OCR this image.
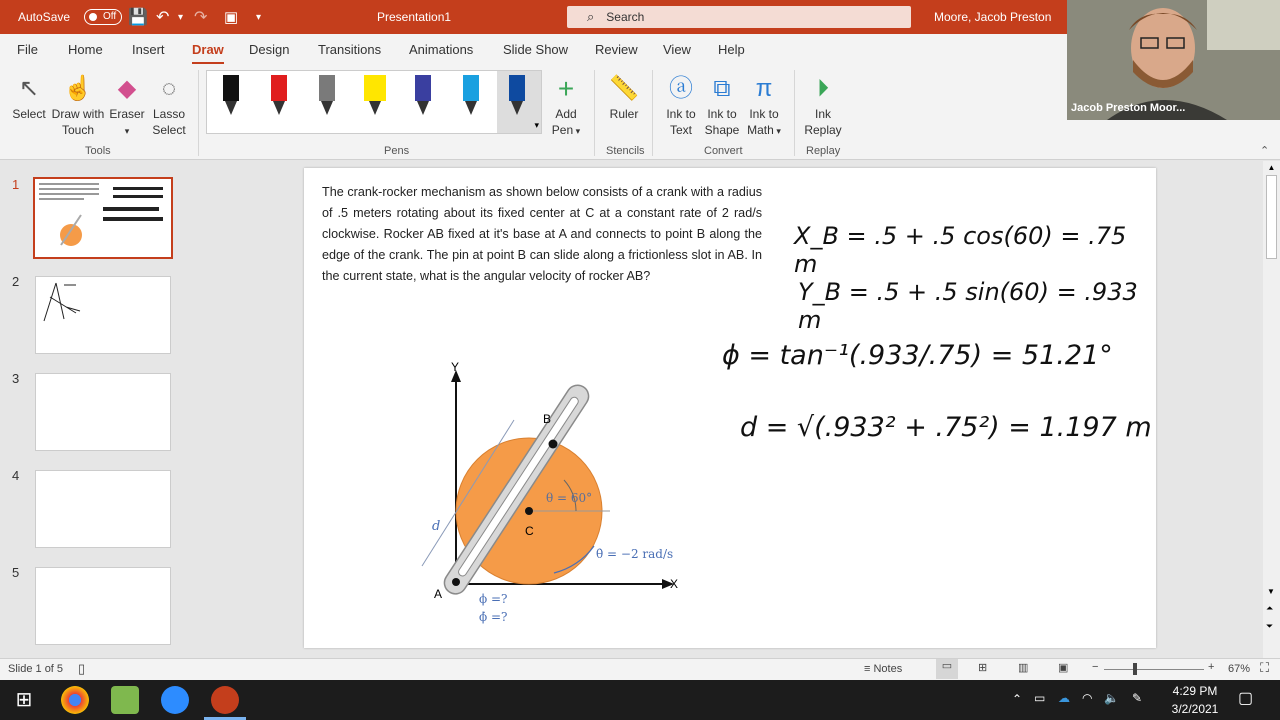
AutoSave	Off 💾 ↶ ▾ ↷ ▣ ▾	Presentation1	⌕ Search	Moore, Jacob Preston
File Home Insert Draw Design Transitions Animations Slide Show Review View Help
↖
Select
☝
Draw with
Touch
◆
Eraser
▾
◌
Lasso
Select
Tools
▾
+
Add
Pen ▾
Pens
📏
Ruler
Stencils
ⓐ
Ink to
Text
⧉
Ink to
Shape
π
Ink to
Math ▾
Convert
⏵
Ink
Replay
Replay	⌃
1
2
3
4
5
The crank-rocker mechanism as shown below consists of a crank with a radius of .5 meters rotating about its fixed center at C at a constant rate of 2 rad/s clockwise. Rocker AB fixed at it's base at A and connects to point B along the edge of the crank. The pin at point B can slide along a frictionless slot in AB. In the current state, what is the angular velocity of rocker AB?
Y
X
d
A
B
C
θ = 60°
θ̇ = −2 rad/s
ϕ =?
ϕ̇ =?
X_B = .5 + .5 cos(60) = .75 m
Y_B = .5 + .5 sin(60) = .933 m
ϕ = tan⁻¹(.933/.75) = 51.21°
d = √(.933² + .75²) = 1.197 m
▲
▼
⏶
⏷
Slide 1 of 5 ▯	≡ Notes	▭	⊞	▥	▣ −	+ 67% ⛶
⊞	⌃ ▭ ☁ ◠ 🔈 ✎	4:29 PM
3/2/2021
▢
Jacob Preston Moor...
